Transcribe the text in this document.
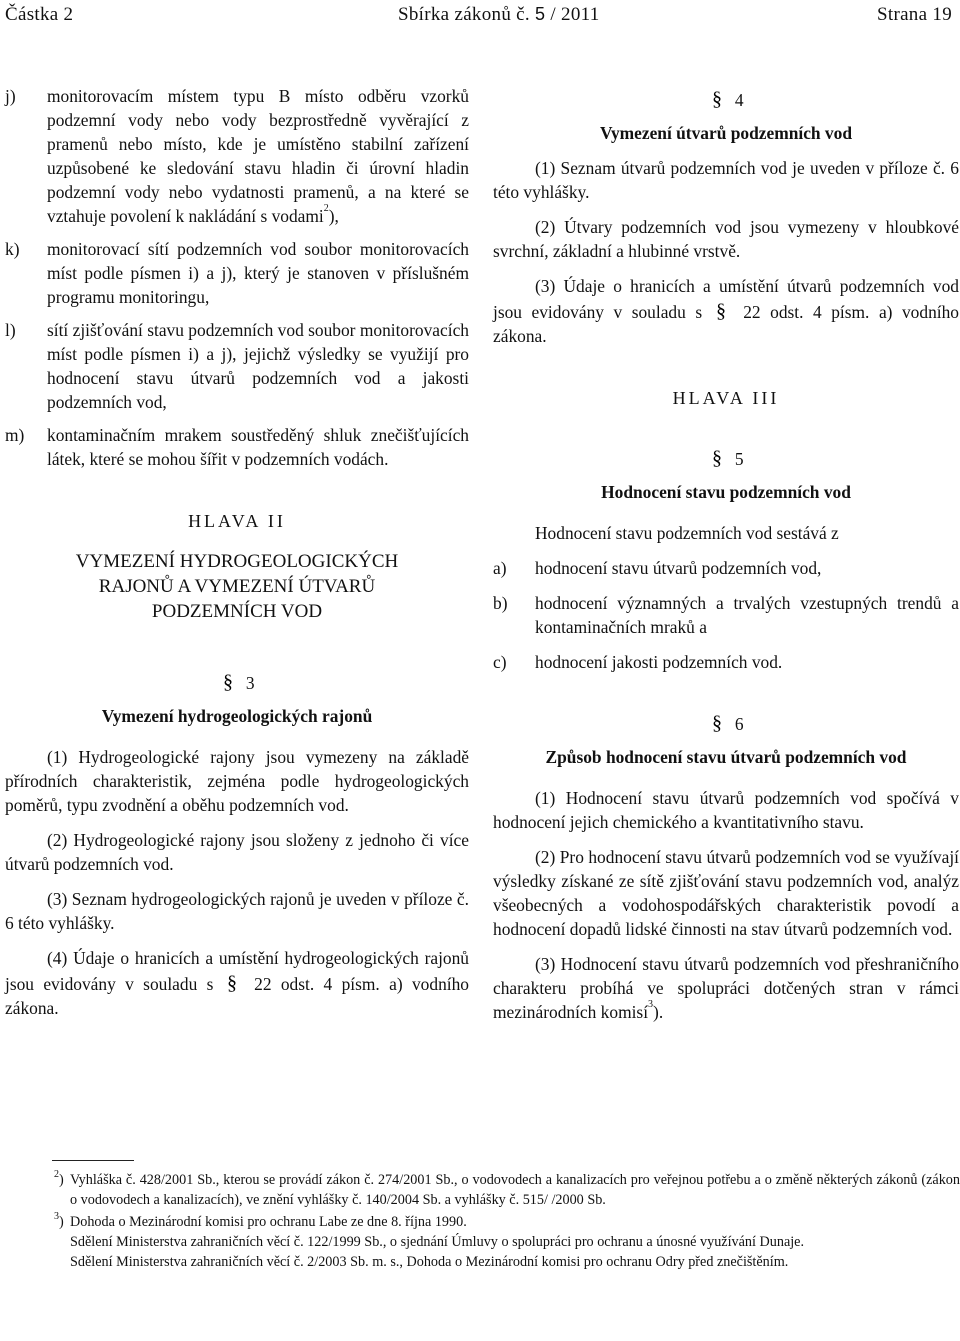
Částka 2	Sbírka zákonů č. 5 / 2011	Strana 19
j)	monitorovacím místem typu B místo odběru vzorků podzemní vody nebo vody bezprostředně vyvěrající z pramenů nebo místo, kde je umístěno stabilní zařízení uzpůsobené ke sledování stavu hladin či úrovní hladin podzemní vody nebo vydatnosti pramenů, a na které se vztahuje povolení k nakládání s vodami$^2$),
k)	monitorovací sítí podzemních vod soubor monitorovacích míst podle písmen i) a j), který je stanoven v příslušném programu monitoringu,
l)	sítí zjišťování stavu podzemních vod soubor monitorovacích míst podle písmen i) a j), jejichž výsledky se využijí pro hodnocení stavu útvarů podzemních vod a jakosti podzemních vod,
m)	kontaminačním mrakem soustředěný shluk znečišťujících látek, které se mohou šířit v podzemních vodách.
HLAVA II
VYMEZENÍ HYDROGEOLOGICKÝCH
RAJONŮ A VYMEZENÍ ÚTVARŮ
PODZEMNÍCH VOD
§ 3
Vymezení hydrogeologických rajonů

(1) Hydrogeologické rajony jsou vymezeny na základě přírodních charakteristik, zejména podle hydrogeologických poměrů, typu zvodnění a oběhu podzemních vod.

(2) Hydrogeologické rajony jsou složeny z jednoho či více útvarů podzemních vod.

(3) Seznam hydrogeologických rajonů je uveden v příloze č. 6 této vyhlášky.

(4) Údaje o hranicích a umístění hydrogeologických rajonů jsou evidovány v souladu s § 22 odst. 4 písm. a) vodního zákona.

§ 4
Vymezení útvarů podzemních vod

(1) Seznam útvarů podzemních vod je uveden v příloze č. 6 této vyhlášky.

(2) Útvary podzemních vod jsou vymezeny v hloubkové svrchní, základní a hlubinné vrstvě.

(3) Údaje o hranicích a umístění útvarů podzemních vod jsou evidovány v souladu s § 22 odst. 4 písm. a) vodního zákona.

HLAVA III
§ 5
Hodnocení stavu podzemních vod

Hodnocení stavu podzemních vod sestává z

a)	hodnocení stavu útvarů podzemních vod,
b)	hodnocení významných a trvalých vzestupných trendů a kontaminačních mraků a
c)	hodnocení jakosti podzemních vod.
§ 6
Způsob hodnocení stavu útvarů podzemních vod

(1) Hodnocení stavu útvarů podzemních vod spočívá v hodnocení jejich chemického a kvantitativního stavu.

(2) Pro hodnocení stavu útvarů podzemních vod se využívají výsledky získané ze sítě zjišťování stavu podzemních vod, analýz všeobecných a vodohospodářských charakteristik povodí a hodnocení dopadů lidské činnosti na stav útvarů podzemních vod.

(3) Hodnocení stavu útvarů podzemních vod přeshraničního charakteru probíhá ve spolupráci dotčených stran v rámci mezinárodních komisí$^3$).

$^2$) Vyhláška č. 428/2001 Sb., kterou se provádí zákon č. 274/2001 Sb., o vodovodech a kanalizacích pro veřejnou potřebu a o změně některých zákonů (zákon o vodovodech a kanalizacích), ve znění vyhlášky č. 140/2004 Sb. a vyhlášky č. 515/ /2000 Sb.
$^3$) Dohoda o Mezinárodní komisi pro ochranu Labe ze dne 8. října 1990.
Sdělení Ministerstva zahraničních věcí č. 122/1999 Sb., o sjednání Úmluvy o spolupráci pro ochranu a únosné využívání Dunaje.
Sdělení Ministerstva zahraničních věcí č. 2/2003 Sb. m. s., Dohoda o Mezinárodní komisi pro ochranu Odry před znečištěním.
